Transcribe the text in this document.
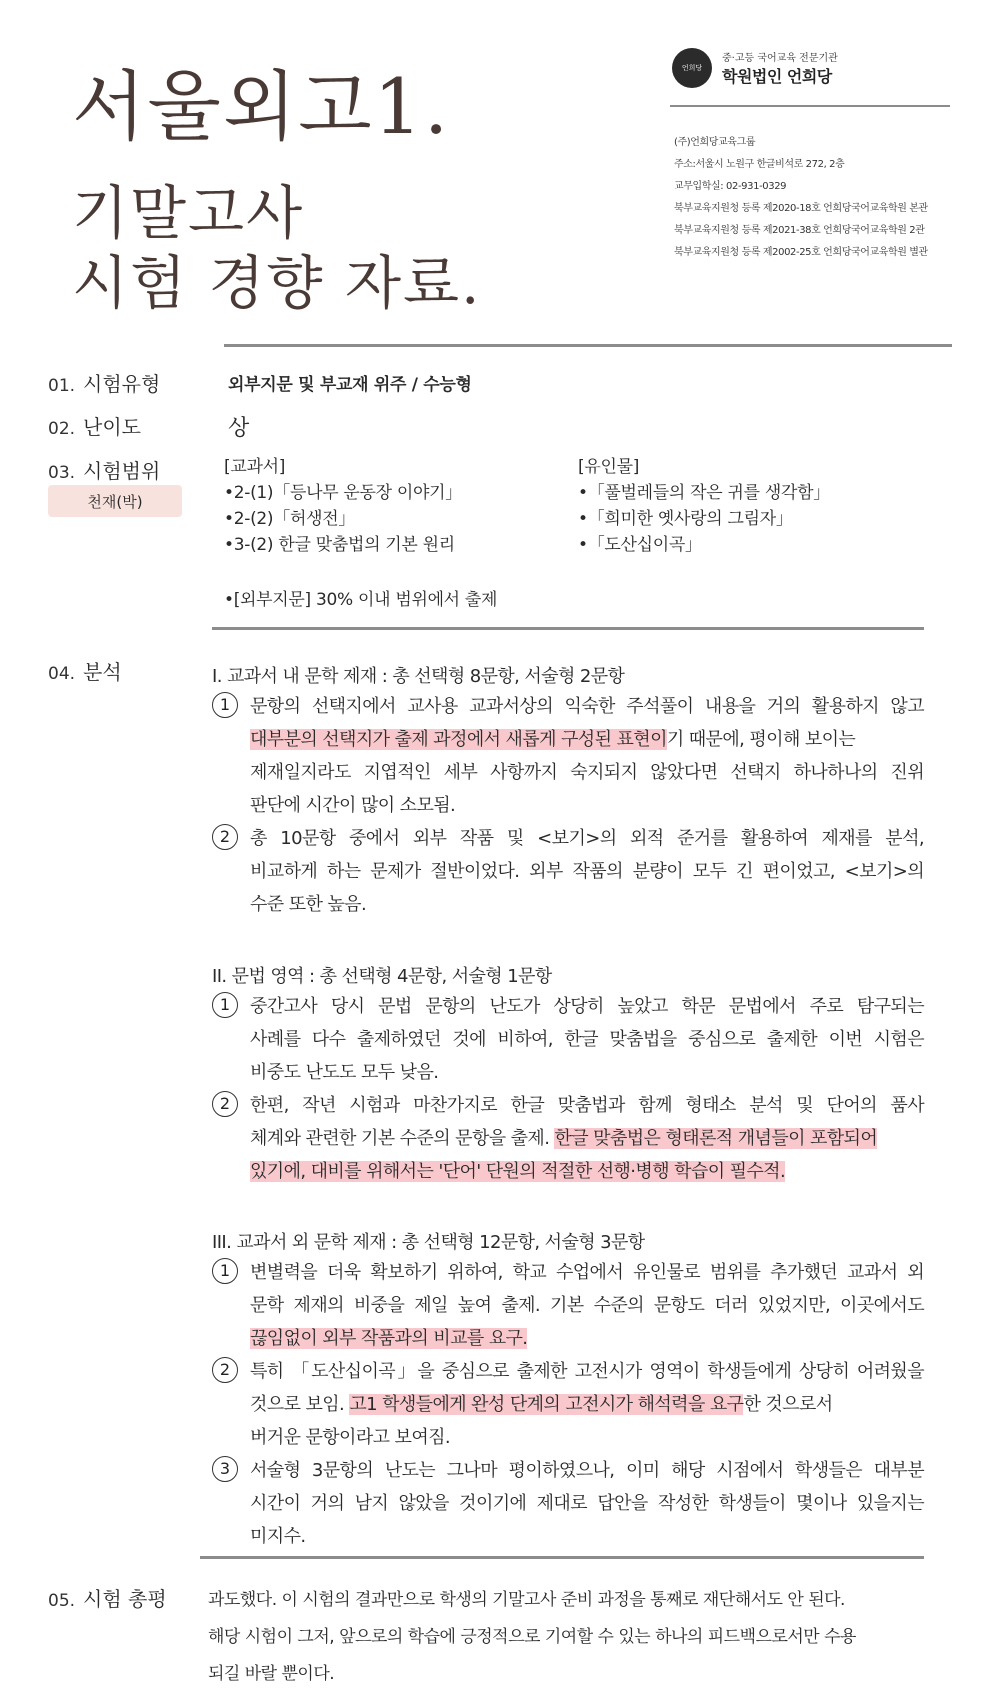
서울외고1.
기말고사
시험 경향 자료.
언희당
중·고등 국어교육 전문기관
학원법인 언희당
(주)언희당교육그룹
주소:서울시 노원구 한글비석로 272, 2층
교무입학실: 02-931-0329
북부교육지원청 등록 제2020-18호 언희당국어교육학원 본관
북부교육지원청 등록 제2021-38호 언희당국어교육학원 2관
북부교육지원청 등록 제2002-25호 언희당국어교육학원 별관
01. 시험유형	외부지문 및 부교재 위주 / 수능형
02. 난이도	상
03. 시험범위
천재(박)
[교과서]
•2-(1)「등나무 운동장 이야기」
•2-(2)「허생전」
•3-(2) 한글 맞춤법의 기본 원리
[유인물]
•「풀벌레들의 작은 귀를 생각함」
•「희미한 옛사랑의 그림자」
•「도산십이곡」
•[외부지문] 30% 이내 범위에서 출제
04. 분석	I. 교과서 내 문학 제재 : 총 선택형 8문항, 서술형 2문항
1	문항의 선택지에서 교사용 교과서상의 익숙한 주석풀이 내용을 거의 활용하지 않고
대부분의 선택지가 출제 과정에서 새롭게 구성된 표현이기 때문에, 평이해 보이는
제재일지라도 지엽적인 세부 사항까지 숙지되지 않았다면 선택지 하나하나의 진위
판단에 시간이 많이 소모됨.
2	총 10문항 중에서 외부 작품 및 <보기>의 외적 준거를 활용하여 제재를 분석,
비교하게 하는 문제가 절반이었다. 외부 작품의 분량이 모두 긴 편이었고, <보기>의
수준 또한 높음.
II. 문법 영역 : 총 선택형 4문항, 서술형 1문항
1	중간고사 당시 문법 문항의 난도가 상당히 높았고 학문 문법에서 주로 탐구되는
사례를 다수 출제하였던 것에 비하여, 한글 맞춤법을 중심으로 출제한 이번 시험은
비중도 난도도 모두 낮음.
2	한편, 작년 시험과 마찬가지로 한글 맞춤법과 함께 형태소 분석 및 단어의 품사
체계와 관련한 기본 수준의 문항을 출제. 한글 맞춤법은 형태론적 개념들이 포함되어
있기에, 대비를 위해서는 '단어' 단원의 적절한 선행·병행 학습이 필수적.
III. 교과서 외 문학 제재 : 총 선택형 12문항, 서술형 3문항
1	변별력을 더욱 확보하기 위하여, 학교 수업에서 유인물로 범위를 추가했던 교과서 외
문학 제재의 비중을 제일 높여 출제. 기본 수준의 문항도 더러 있었지만, 이곳에서도
끊임없이 외부 작품과의 비교를 요구.
2	특히 「도산십이곡」을 중심으로 출제한 고전시가 영역이 학생들에게 상당히 어려웠을
것으로 보임. 고1 학생들에게 완성 단계의 고전시가 해석력을 요구한 것으로서
버거운 문항이라고 보여짐.
3	서술형 3문항의 난도는 그나마 평이하였으나, 이미 해당 시점에서 학생들은 대부분
시간이 거의 남지 않았을 것이기에 제대로 답안을 작성한 학생들이 몇이나 있을지는
미지수.
05. 시험 총평 과도했다. 이 시험의 결과만으로 학생의 기말고사 준비 과정을 통째로 재단해서도 안 된다.
해당 시험이 그저, 앞으로의 학습에 긍정적으로 기여할 수 있는 하나의 피드백으로서만 수용
되길 바랄 뿐이다.
